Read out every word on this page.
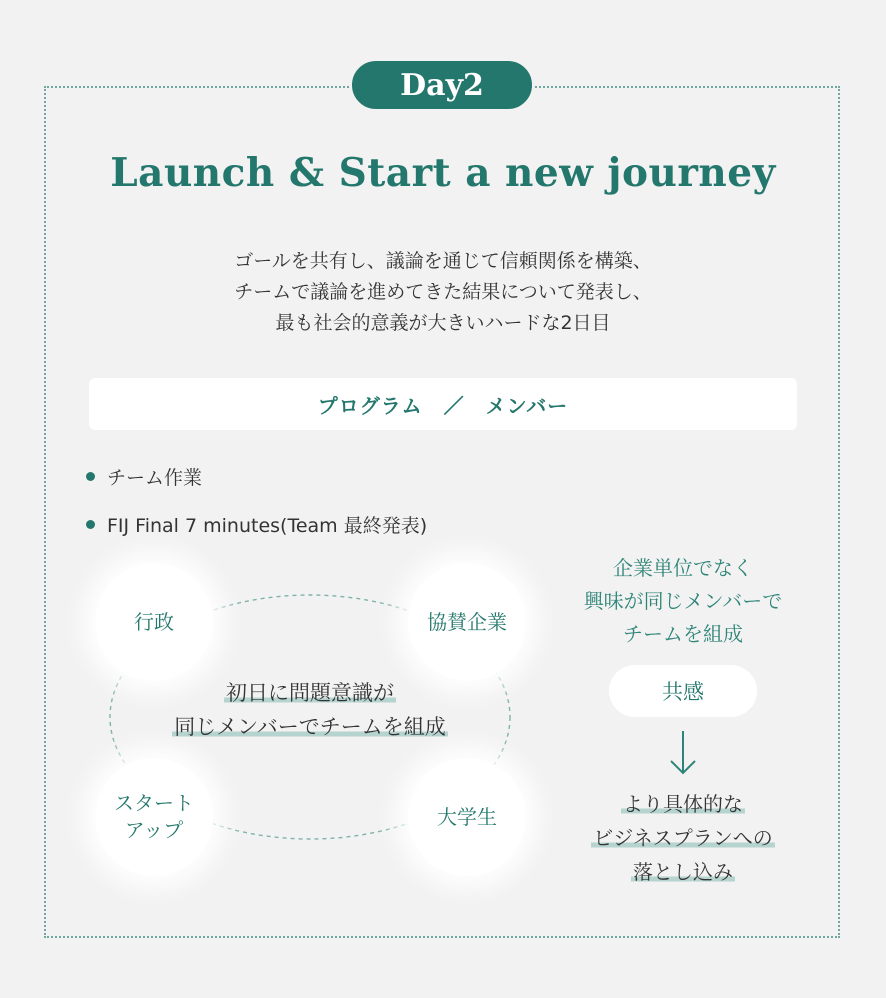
Day2
Launch & Start a new journey
ゴールを共有し、議論を通じて信頼関係を構築、
チームで議論を進めてきた結果について発表し、
最も社会的意義が大きいハードな2日目
プログラム　／　メンバー
チーム作業
FIJ Final 7 minutes(Team 最終発表)
行政	協賛企業
スタート
アップ
大学生
初日に問題意識が
同じメンバーでチームを組成
企業単位でなく
興味が同じメンバーで
チームを組成
共感
より具体的な
ビジネスプランへの
落とし込み
